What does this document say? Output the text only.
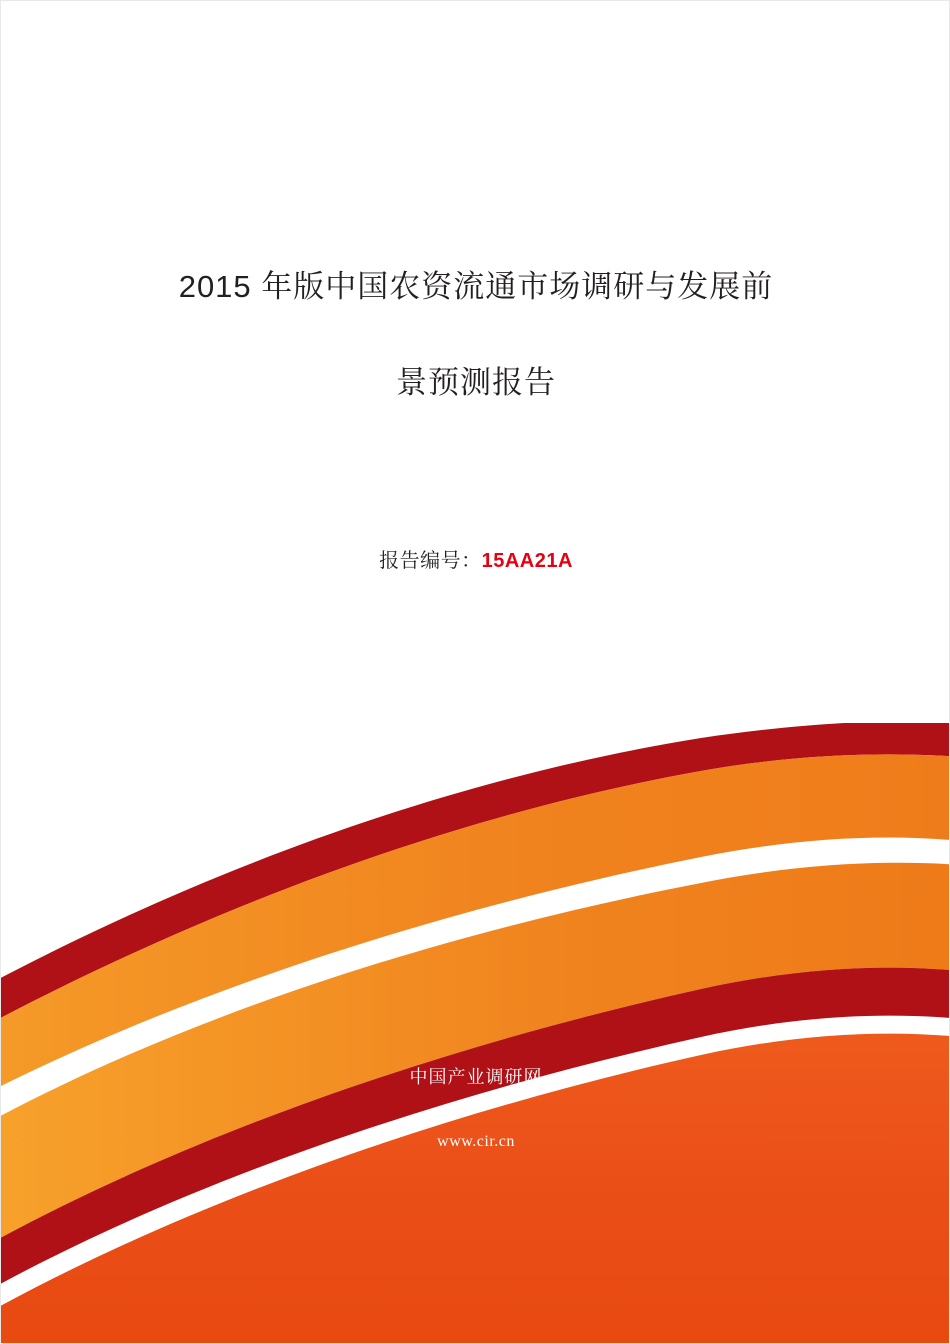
2015 年版中国农资流通市场调研与发展前
景预测报告
报告编号：15AA21A
中国产业调研网
www.cir.cn
